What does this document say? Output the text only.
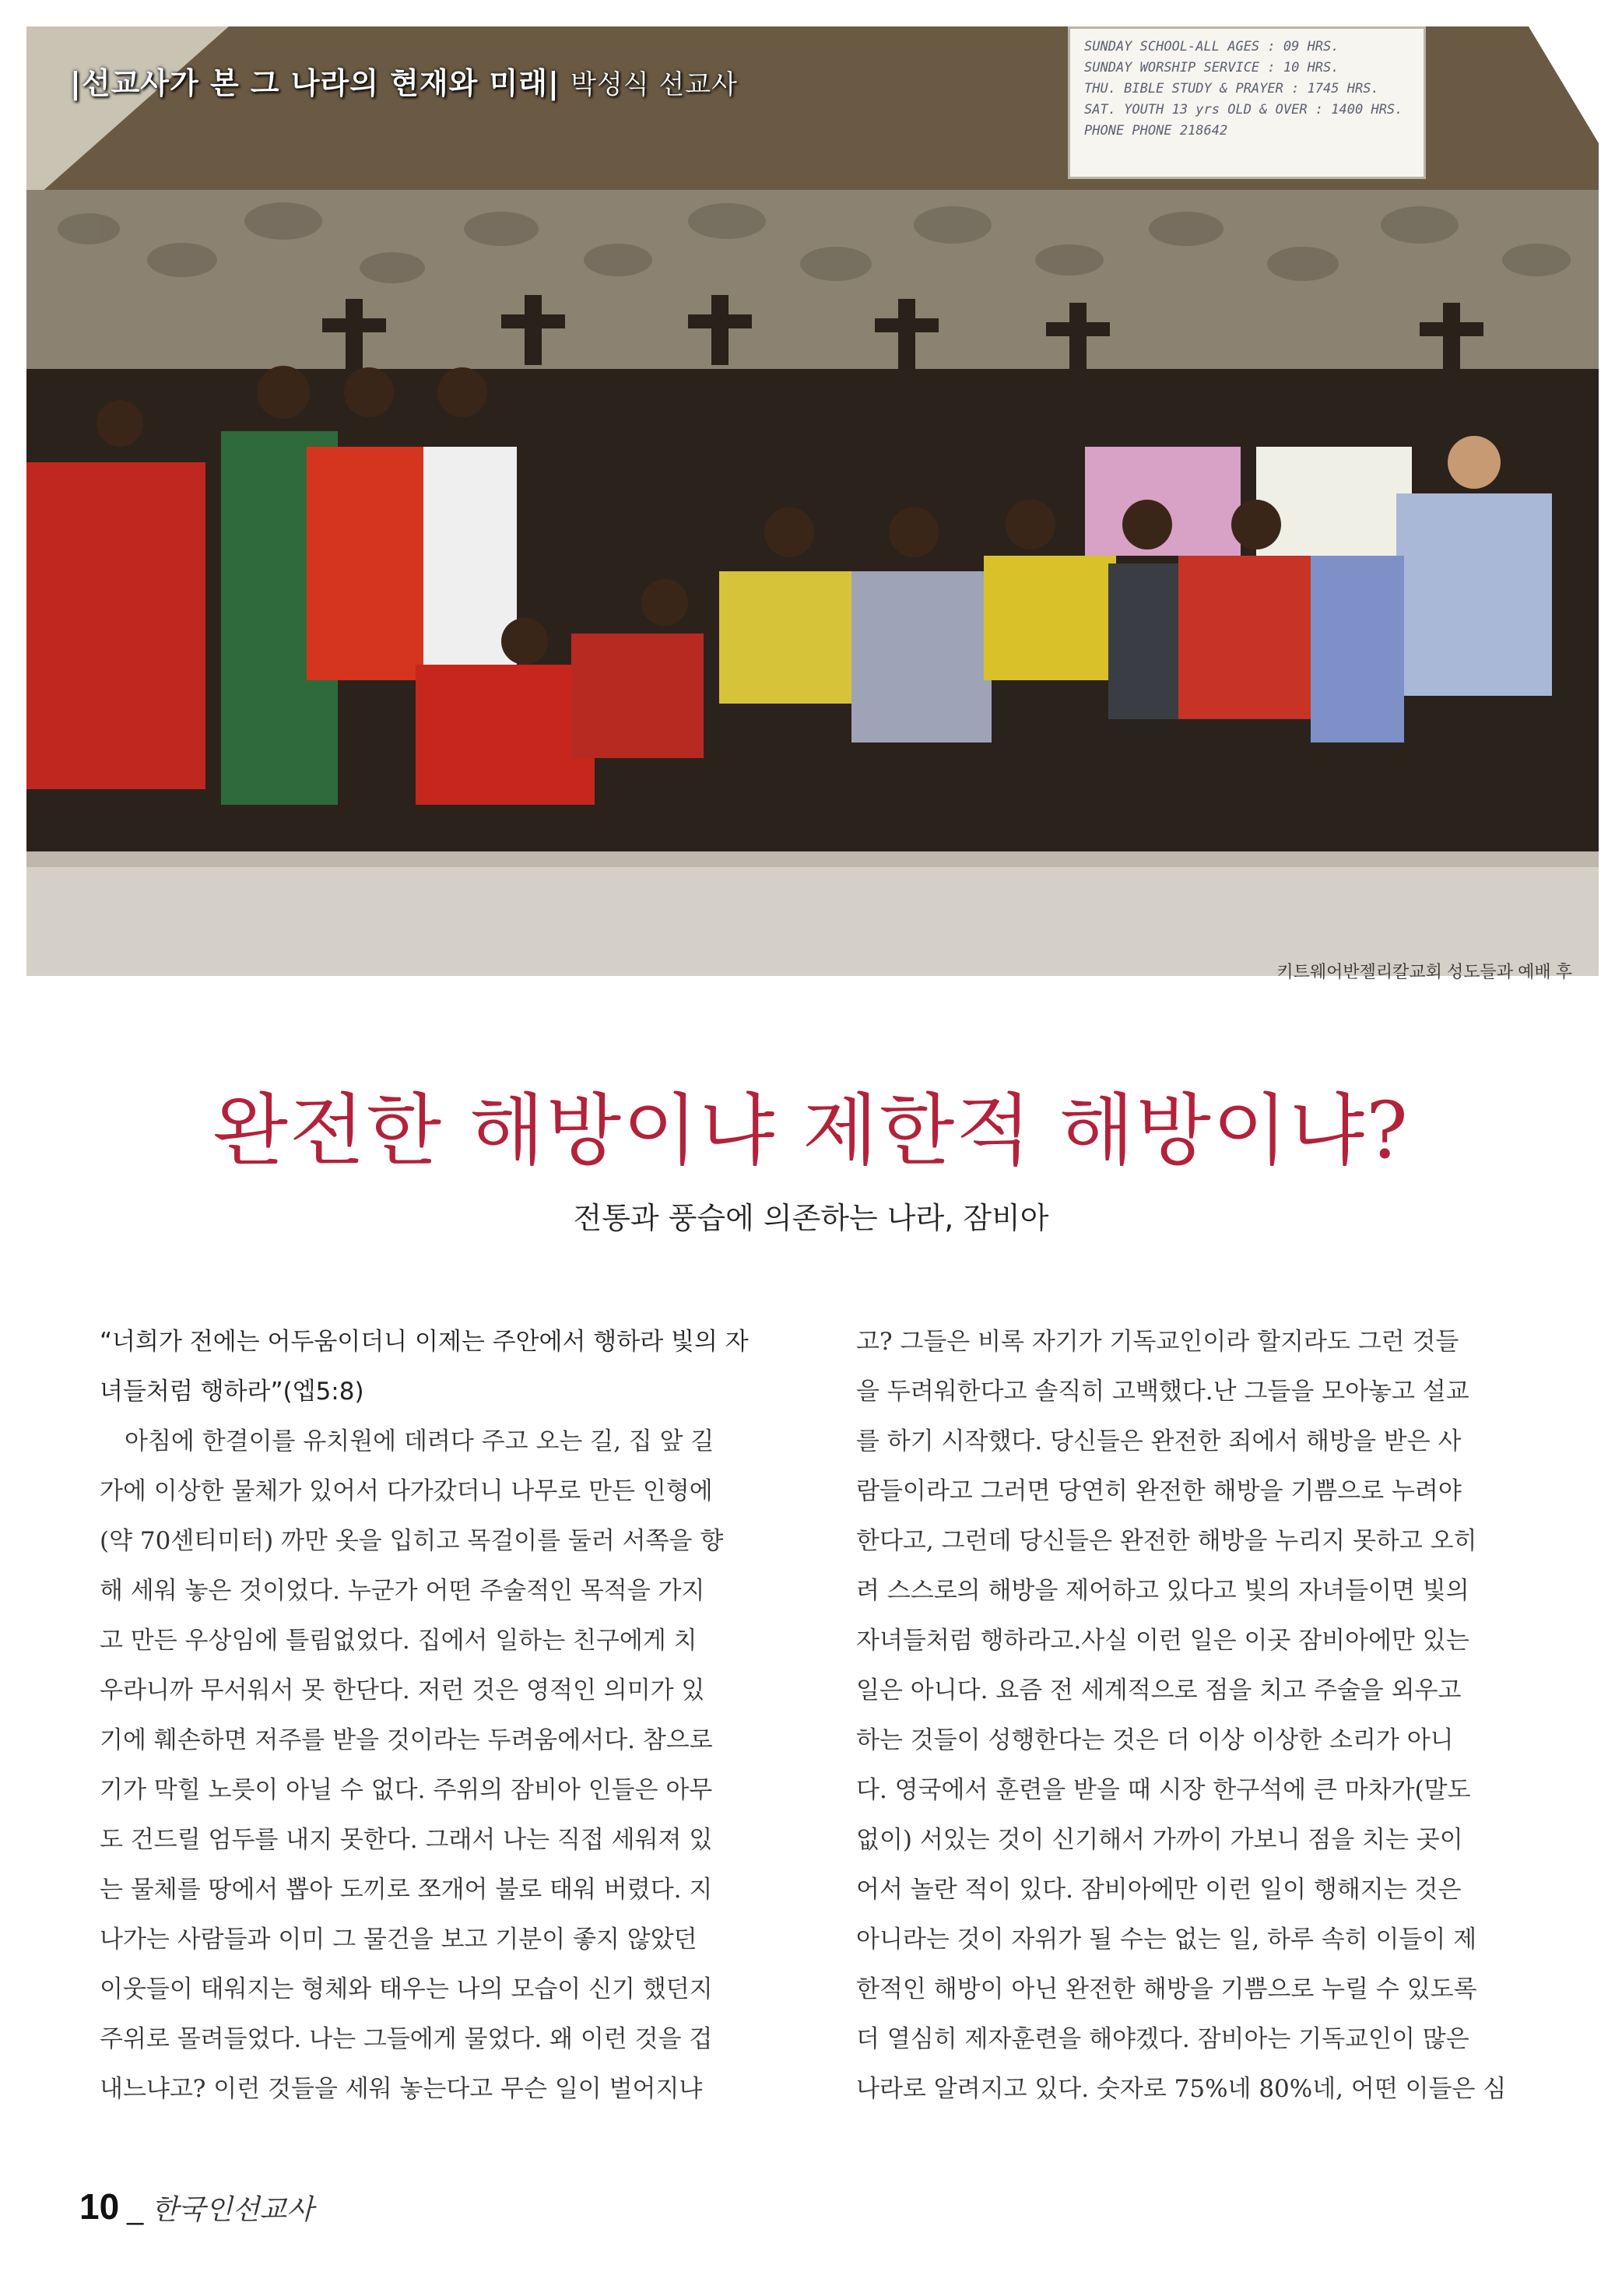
SUNDAY SCHOOL-ALL AGES : 09 HRS.
SUNDAY WORSHIP SERVICE : 10 HRS.
THU. BIBLE STUDY & PRAYER : 1745 HRS.
SAT. YOUTH 13 yrs OLD & OVER : 1400 HRS.
PHONE PHONE 218642
|선교사가 본 그 나라의 현재와 미래| 박성식 선교사
키트웨어반젤리칼교회 성도들과 예배 후
완전한 해방이냐 제한적 해방이냐?
전통과 풍습에 의존하는 나라, 잠비아
“너희가 전에는 어두움이더니 이제는 주안에서 행하라 빛의 자
녀들처럼 행하라”(엡5:8)
아침에 한결이를 유치원에 데려다 주고 오는 길, 집 앞 길
가에 이상한 물체가 있어서 다가갔더니 나무로 만든 인형에
(약 70센티미터) 까만 옷을 입히고 목걸이를 둘러 서쪽을 향
해 세워 놓은 것이었다. 누군가 어떤 주술적인 목적을 가지
고 만든 우상임에 틀림없었다. 집에서 일하는 친구에게 치
우라니까 무서워서 못 한단다. 저런 것은 영적인 의미가 있
기에 훼손하면 저주를 받을 것이라는 두려움에서다. 참으로
기가 막힐 노릇이 아닐 수 없다. 주위의 잠비아 인들은 아무
도 건드릴 엄두를 내지 못한다. 그래서 나는 직접 세워져 있
는 물체를 땅에서 뽑아 도끼로 쪼개어 불로 태워 버렸다. 지
나가는 사람들과 이미 그 물건을 보고 기분이 좋지 않았던
이웃들이 태워지는 형체와 태우는 나의 모습이 신기 했던지
주위로 몰려들었다. 나는 그들에게 물었다. 왜 이런 것을 겁
내느냐고? 이런 것들을 세워 놓는다고 무슨 일이 벌어지냐
고? 그들은 비록 자기가 기독교인이라 할지라도 그런 것들
을 두려워한다고 솔직히 고백했다.난 그들을 모아놓고 설교
를 하기 시작했다. 당신들은 완전한 죄에서 해방을 받은 사
람들이라고 그러면 당연히 완전한 해방을 기쁨으로 누려야
한다고, 그런데 당신들은 완전한 해방을 누리지 못하고 오히
려 스스로의 해방을 제어하고 있다고 빛의 자녀들이면 빛의
자녀들처럼 행하라고.사실 이런 일은 이곳 잠비아에만 있는
일은 아니다. 요즘 전 세계적으로 점을 치고 주술을 외우고
하는 것들이 성행한다는 것은 더 이상 이상한 소리가 아니
다. 영국에서 훈련을 받을 때 시장 한구석에 큰 마차가(말도
없이) 서있는 것이 신기해서 가까이 가보니 점을 치는 곳이
어서 놀란 적이 있다. 잠비아에만 이런 일이 행해지는 것은
아니라는 것이 자위가 될 수는 없는 일, 하루 속히 이들이 제
한적인 해방이 아닌 완전한 해방을 기쁨으로 누릴 수 있도록
더 열심히 제자훈련을 해야겠다. 잠비아는 기독교인이 많은
나라로 알려지고 있다. 숫자로 75%네 80%네, 어떤 이들은 심
10 _ 한국인선교사
